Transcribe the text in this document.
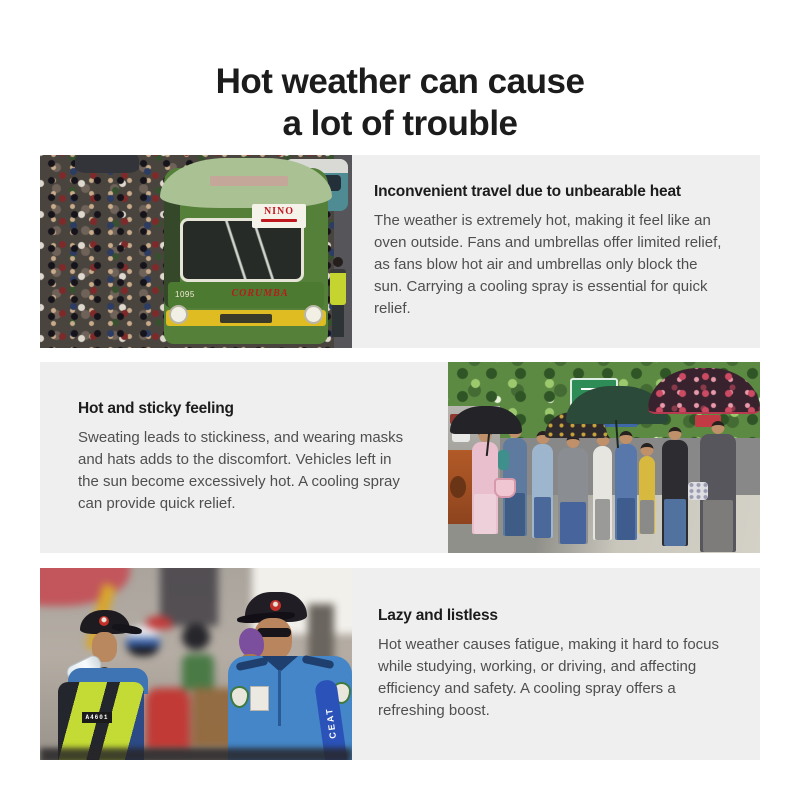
Hot weather can cause
a lot of trouble
NINO
1095	CORUMBA
Inconvenient travel due to unbearable heat

The weather is extremely hot, making it feel like an oven outside. Fans and umbrellas offer limited relief, as fans blow hot air and umbrellas only block the sun. Carrying a cooling spray is essential for quick relief.

Hot and sticky feeling

Sweating leads to stickiness, and wearing masks and hats adds to the discomfort. Vehicles left in the sun become excessively hot. A cooling spray can provide quick relief.

A4601	CEAT
Lazy and listless

Hot weather causes fatigue, making it hard to focus while studying, working, or driving, and affecting efficiency and safety. A cooling spray offers a refreshing boost.
